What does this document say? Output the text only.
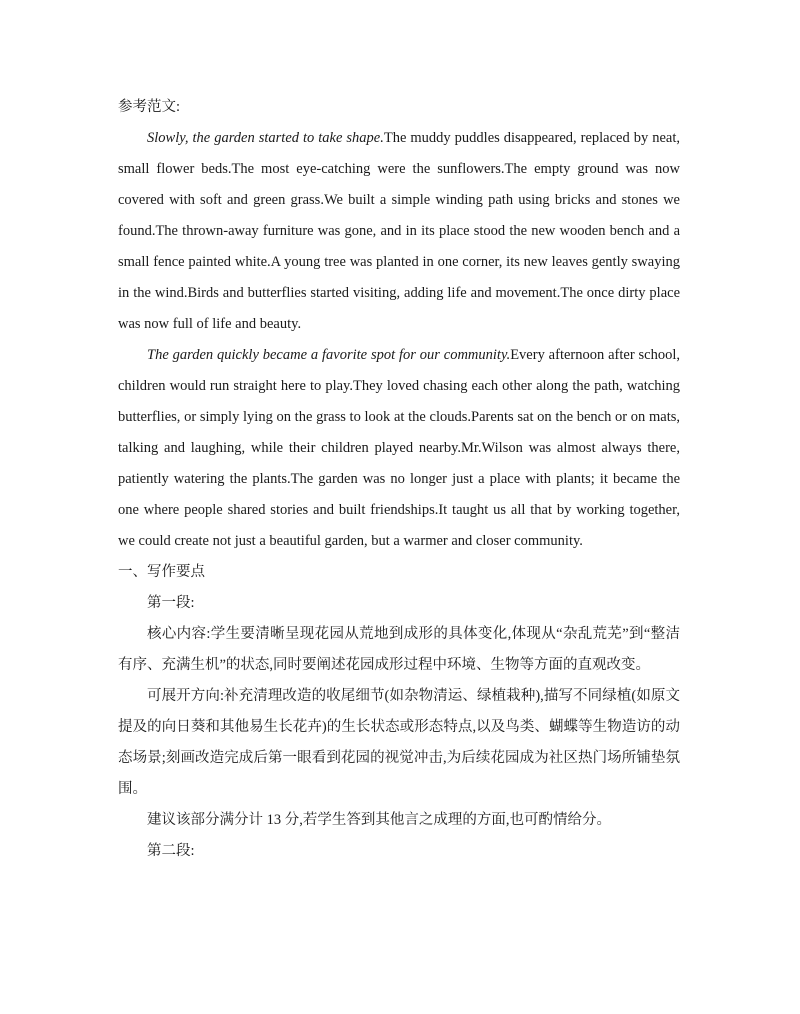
参考范文:

Slowly, the garden started to take shape.The muddy puddles disappeared, replaced by neat, small flower beds.The most eye-catching were the sunflowers.The empty ground was now covered with soft and green grass.We built a simple winding path using bricks and stones we found.The thrown-away furniture was gone, and in its place stood the new wooden bench and a small fence painted white.A young tree was planted in one corner, its new leaves gently swaying in the wind.Birds and butterflies started visiting, adding life and movement.The once dirty place was now full of life and beauty.

The garden quickly became a favorite spot for our community.Every afternoon after school, children would run straight here to play.They loved chasing each other along the path, watching butterflies, or simply lying on the grass to look at the clouds.Parents sat on the bench or on mats, talking and laughing, while their children played nearby.Mr.Wilson was almost always there, patiently watering the plants.The garden was no longer just a place with plants; it became the one where people shared stories and built friendships.It taught us all that by working together, we could create not just a beautiful garden, but a warmer and closer community.

一、写作要点

第一段:

核心内容:学生要清晰呈现花园从荒地到成形的具体变化,体现从“杂乱荒芜”到“整洁有序、充满生机”的状态,同时要阐述花园成形过程中环境、生物等方面的直观改变。

可展开方向:补充清理改造的收尾细节(如杂物清运、绿植栽种),描写不同绿植(如原文提及的向日葵和其他易生长花卉)的生长状态或形态特点,以及鸟类、蝴蝶等生物造访的动态场景;刻画改造完成后第一眼看到花园的视觉冲击,为后续花园成为社区热门场所铺垫氛围。

建议该部分满分计 13 分,若学生答到其他言之成理的方面,也可酌情给分。

第二段:
